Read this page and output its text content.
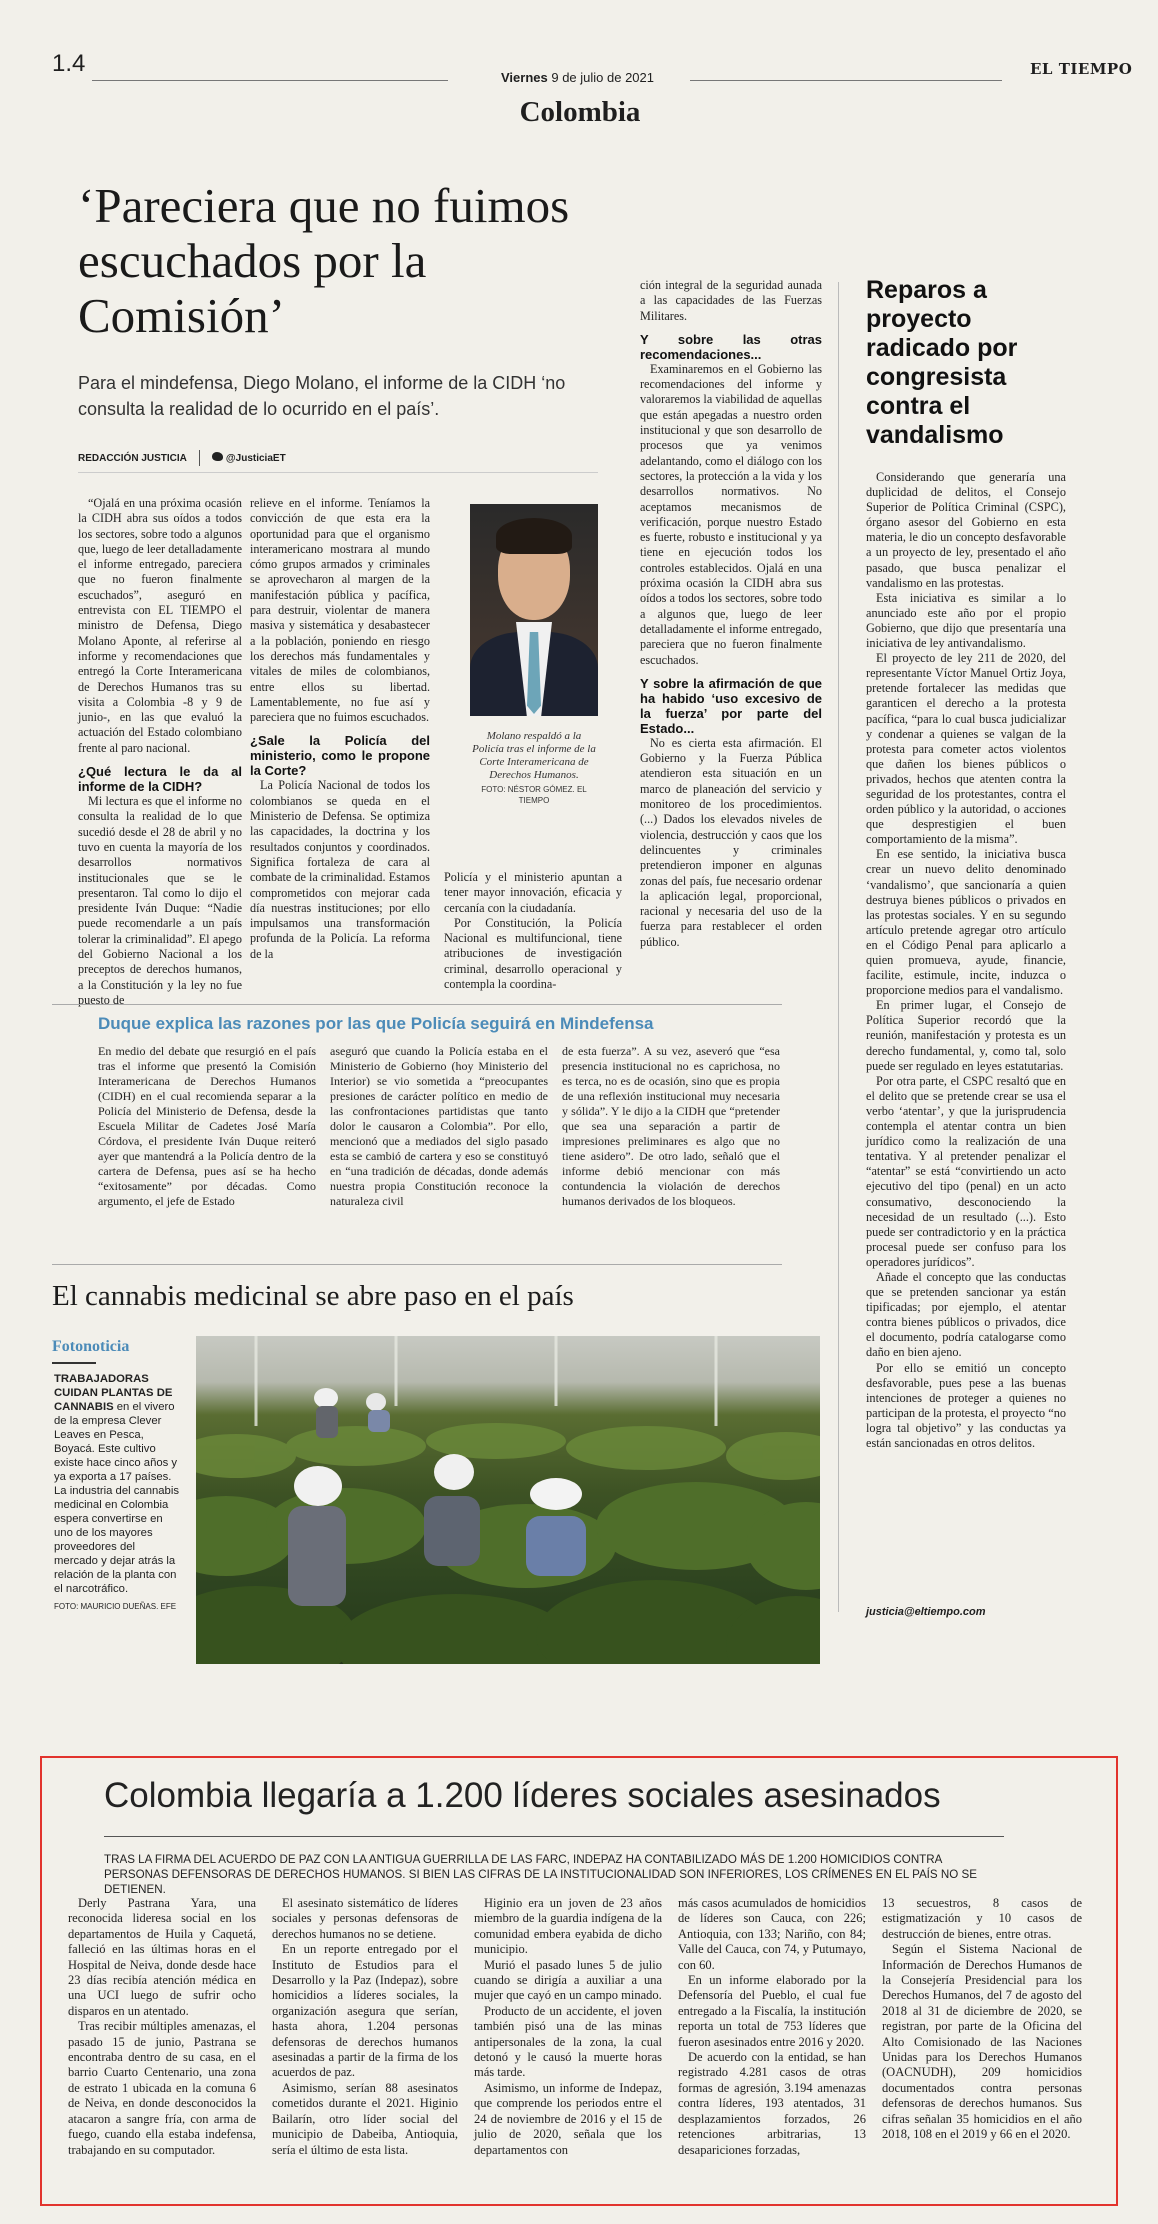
1.4
Viernes 9 de julio de 2021	EL TIEMPO
Colombia
‘Pareciera que no fuimos escuchados por la Comisión’
Para el mindefensa, Diego Molano, el informe de la CIDH ‘no consulta la realidad de lo ocurrido en el país’.
REDACCIÓN JUSTICIA	@JusticiaET

“Ojalá en una próxima ocasión la CIDH abra sus oídos a todos los sectores, sobre todo a algunos que, luego de leer detalladamente el informe entregado, pareciera que no fueron finalmente escuchados”, aseguró en entrevista con EL TIEMPO el ministro de Defensa, Diego Molano Aponte, al referirse al informe y recomendaciones que entregó la Corte Interamericana de Derechos Humanos tras su visita a Colombia -8 y 9 de junio-, en las que evaluó la actuación del Estado colombiano frente al paro nacional.

¿Qué lectura le da al informe de la CIDH?

Mi lectura es que el informe no consulta la realidad de lo que sucedió desde el 28 de abril y no tuvo en cuenta la mayoría de los desarrollos normativos institucionales que se le presentaron. Tal como lo dijo el presidente Iván Duque: “Nadie puede recomendarle a un país tolerar la criminalidad”. El apego del Gobierno Nacional a los preceptos de derechos humanos, a la Constitución y la ley no fue puesto de

relieve en el informe. Teníamos la convicción de que esta era la oportunidad para que el organismo interamericano mostrara al mundo cómo grupos armados y criminales se aprovecharon al margen de la manifestación pública y pacífica, para destruir, violentar de manera masiva y sistemática y desabastecer a la población, poniendo en riesgo los derechos más fundamentales y vitales de miles de colombianos, entre ellos su libertad. Lamentablemente, no fue así y pareciera que no fuimos escuchados.

¿Sale la Policía del ministerio, como le propone la Corte?

La Policía Nacional de todos los colombianos se queda en el Ministerio de Defensa. Se optimiza las capacidades, la doctrina y los resultados conjuntos y coordinados. Significa fortaleza de cara al combate de la criminalidad. Estamos comprometidos con mejorar cada día nuestras instituciones; por ello impulsamos una transformación profunda de la Policía. La reforma de la

Molano respaldó a la Policía tras el informe de la Corte Interamericana de Derechos Humanos.
FOTO: NÉSTOR GÓMEZ. EL TIEMPO

Policía y el ministerio apuntan a tener mayor innovación, eficacia y cercanía con la ciudadanía.

Por Constitución, la Policía Nacional es multifuncional, tiene atribuciones de investigación criminal, desarrollo operacional y contempla la coordina-

ción integral de la seguridad aunada a las capacidades de las Fuerzas Militares.

Y sobre las otras recomendaciones...

Examinaremos en el Gobierno las recomendaciones del informe y valoraremos la viabilidad de aquellas que están apegadas a nuestro orden institucional y que son desarrollo de procesos que ya venimos adelantando, como el diálogo con los sectores, la protección a la vida y los desarrollos normativos. No aceptamos mecanismos de verificación, porque nuestro Estado es fuerte, robusto e institucional y ya tiene en ejecución todos los controles establecidos. Ojalá en una próxima ocasión la CIDH abra sus oídos a todos los sectores, sobre todo a algunos que, luego de leer detalladamente el informe entregado, pareciera que no fueron finalmente escuchados.

Y sobre la afirmación de que ha habido ‘uso excesivo de la fuerza’ por parte del Estado...

No es cierta esta afirmación. El Gobierno y la Fuerza Pública atendieron esta situación en un marco de planeación del servicio y monitoreo de los procedimientos. (...) Dados los elevados niveles de violencia, destrucción y caos que los delincuentes y criminales pretendieron imponer en algunas zonas del país, fue necesario ordenar la aplicación legal, proporcional, racional y necesaria del uso de la fuerza para restablecer el orden público.

Reparos a proyecto radicado por congresista contra el vandalismo

Considerando que generaría una duplicidad de delitos, el Consejo Superior de Política Criminal (CSPC), órgano asesor del Gobierno en esta materia, le dio un concepto desfavorable a un proyecto de ley, presentado el año pasado, que busca penalizar el vandalismo en las protestas.

Esta iniciativa es similar a lo anunciado este año por el propio Gobierno, que dijo que presentaría una iniciativa de ley antivandalismo.

El proyecto de ley 211 de 2020, del representante Víctor Manuel Ortiz Joya, pretende fortalecer las medidas que garanticen el derecho a la protesta pacífica, “para lo cual busca judicializar y condenar a quienes se valgan de la protesta para cometer actos violentos que dañen los bienes públicos o privados, hechos que atenten contra la seguridad de los protestantes, contra el orden público y la autoridad, o acciones que desprestigien el buen comportamiento de la misma”.

En ese sentido, la iniciativa busca crear un nuevo delito denominado ‘vandalismo’, que sancionaría a quien destruya bienes públicos o privados en las protestas sociales. Y en su segundo artículo pretende agregar otro artículo en el Código Penal para aplicarlo a quien promueva, ayude, financie, facilite, estimule, incite, induzca o proporcione medios para el vandalismo.

En primer lugar, el Consejo de Política Superior recordó que la reunión, manifestación y protesta es un derecho fundamental, y, como tal, solo puede ser regulado en leyes estatutarias.

Por otra parte, el CSPC resaltó que en el delito que se pretende crear se usa el verbo ‘atentar’, y que la jurisprudencia contempla el atentar contra un bien jurídico como la realización de una tentativa. Y al pretender penalizar el “atentar” se está “convirtiendo un acto ejecutivo del tipo (penal) en un acto consumativo, desconociendo la necesidad de un resultado (...). Esto puede ser contradictorio y en la práctica procesal puede ser confuso para los operadores jurídicos”.

Añade el concepto que las conductas que se pretenden sancionar ya están tipificadas; por ejemplo, el atentar contra bienes públicos o privados, dice el documento, podría catalogarse como daño en bien ajeno.

Por ello se emitió un concepto desfavorable, pues pese a las buenas intenciones de proteger a quienes no participan de la protesta, el proyecto “no logra tal objetivo” y las conductas ya están sancionadas en otros delitos.

justicia@eltiempo.com
Duque explica las razones por las que Policía seguirá en Mindefensa

En medio del debate que resurgió en el país tras el informe que presentó la Comisión Interamericana de Derechos Humanos (CIDH) en el cual recomienda separar a la Policía del Ministerio de Defensa, desde la Escuela Militar de Cadetes José María Córdova, el presidente Iván Duque reiteró ayer que mantendrá a la Policía dentro de la cartera de Defensa, pues así se ha hecho “exitosamente” por décadas. Como argumento, el jefe de Estado

aseguró que cuando la Policía estaba en el Ministerio de Gobierno (hoy Ministerio del Interior) se vio sometida a “preocupantes presiones de carácter político en medio de las confrontaciones partidistas que tanto dolor le causaron a Colombia”. Por ello, mencionó que a mediados del siglo pasado esta se cambió de cartera y eso se constituyó en “una tradición de décadas, donde además nuestra propia Constitución reconoce la naturaleza civil

de esta fuerza”. A su vez, aseveró que “esa presencia institucional no es caprichosa, no es terca, no es de ocasión, sino que es propia de una reflexión institucional muy necesaria y sólida”. Y le dijo a la CIDH que “pretender que sea una separación a partir de impresiones preliminares es algo que no tiene asidero”. De otro lado, señaló que el informe debió mencionar con más contundencia la violación de derechos humanos derivados de los bloqueos.

El cannabis medicinal se abre paso en el país
Fotonoticia
TRABAJADORAS CUIDAN PLANTAS DE CANNABIS en el vivero de la empresa Clever Leaves en Pesca, Boyacá. Este cultivo existe hace cinco años y ya exporta a 17 países. La industria del cannabis medicinal en Colombia espera convertirse en uno de los mayores proveedores del mercado y dejar atrás la relación de la planta con el narcotráfico.
FOTO: MAURICIO DUEÑAS. EFE
Colombia llegaría a 1.200 líderes sociales asesinados
TRAS LA FIRMA DEL ACUERDO DE PAZ CON LA ANTIGUA GUERRILLA DE LAS FARC, INDEPAZ HA CONTABILIZADO MÁS DE 1.200 HOMICIDIOS CONTRA PERSONAS DEFENSORAS DE DERECHOS HUMANOS. SI BIEN LAS CIFRAS DE LA INSTITUCIONALIDAD SON INFERIORES, LOS CRÍMENES EN EL PAÍS NO SE DETIENEN.

Derly Pastrana Yara, una reconocida lideresa social en los departamentos de Huila y Caquetá, falleció en las últimas horas en el Hospital de Neiva, donde desde hace 23 días recibía atención médica en una UCI luego de sufrir ocho disparos en un atentado.

Tras recibir múltiples amenazas, el pasado 15 de junio, Pastrana se encontraba dentro de su casa, en el barrio Cuarto Centenario, una zona de estrato 1 ubicada en la comuna 6 de Neiva, en donde desconocidos la atacaron a sangre fría, con arma de fuego, cuando ella estaba indefensa, trabajando en su computador.

El asesinato sistemático de líderes sociales y personas defensoras de derechos humanos no se detiene.

En un reporte entregado por el Instituto de Estudios para el Desarrollo y la Paz (Indepaz), sobre homicidios a líderes sociales, la organización asegura que serían, hasta ahora, 1.204 personas defensoras de derechos humanos asesinadas a partir de la firma de los acuerdos de paz.

Asimismo, serían 88 asesinatos cometidos durante el 2021. Higinio Bailarín, otro líder social del municipio de Dabeiba, Antioquia, sería el último de esta lista.

Higinio era un joven de 23 años miembro de la guardia indígena de la comunidad embera eyabida de dicho municipio.

Murió el pasado lunes 5 de julio cuando se dirigía a auxiliar a una mujer que cayó en un campo minado.

Producto de un accidente, el joven también pisó una de las minas antipersonales de la zona, la cual detonó y le causó la muerte horas más tarde.

Asimismo, un informe de Indepaz, que comprende los periodos entre el 24 de noviembre de 2016 y el 15 de julio de 2020, señala que los departamentos con

más casos acumulados de homicidios de líderes son Cauca, con 226; Antioquia, con 133; Nariño, con 84; Valle del Cauca, con 74, y Putumayo, con 60.

En un informe elaborado por la Defensoría del Pueblo, el cual fue entregado a la Fiscalía, la institución reporta un total de 753 líderes que fueron asesinados entre 2016 y 2020.

De acuerdo con la entidad, se han registrado 4.281 casos de otras formas de agresión, 3.194 amenazas contra líderes, 193 atentados, 31 desplazamientos forzados, 26 retenciones arbitrarias, 13 desapariciones forzadas,

13 secuestros, 8 casos de estigmatización y 10 casos de destrucción de bienes, entre otras.

Según el Sistema Nacional de Información de Derechos Humanos de la Consejería Presidencial para los Derechos Humanos, del 7 de agosto del 2018 al 31 de diciembre de 2020, se registran, por parte de la Oficina del Alto Comisionado de las Naciones Unidas para los Derechos Humanos (OACNUDH), 209 homicidios documentados contra personas defensoras de derechos humanos. Sus cifras señalan 35 homicidios en el año 2018, 108 en el 2019 y 66 en el 2020.
